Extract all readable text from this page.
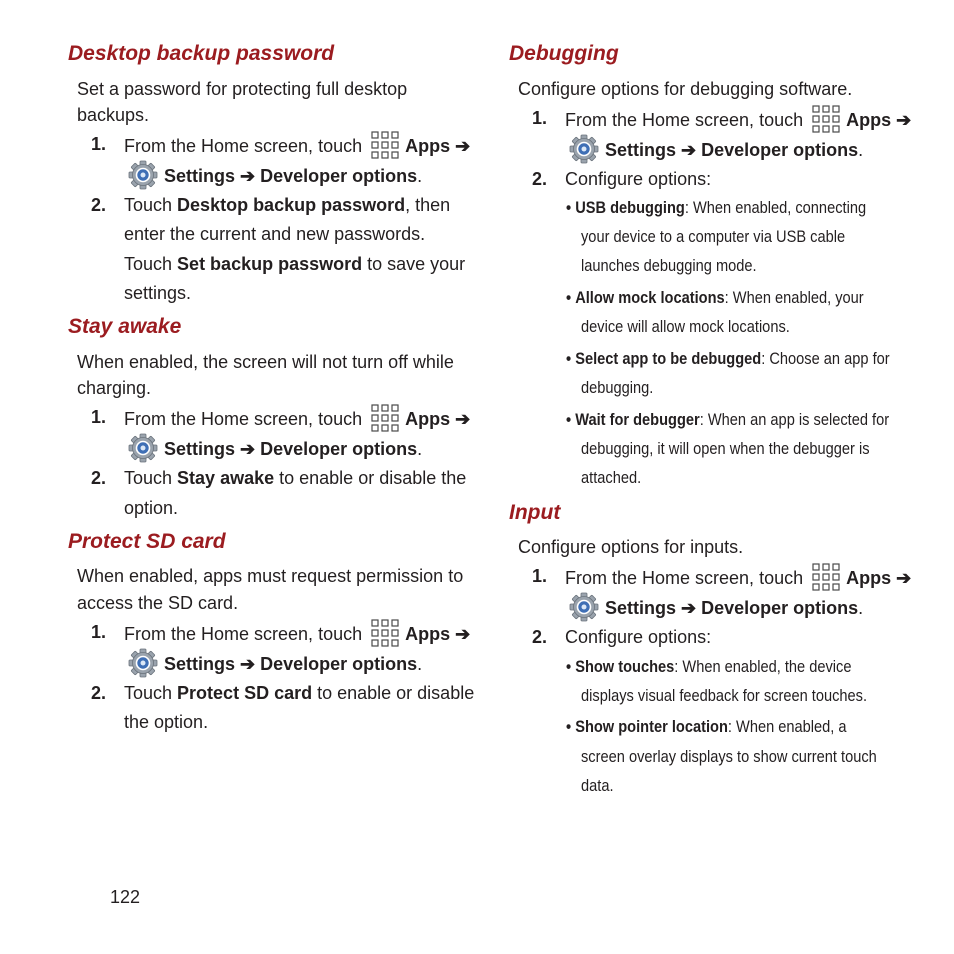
Desktop backup password
Set a password for protecting full desktop
backups.
1. From the Home screen, touch Apps ➔
Settings ➔ Developer options.
2. Touch Desktop backup password, then
enter the current and new passwords.
Touch Set backup password to save your
settings.
Stay awake
When enabled, the screen will not turn off while
charging.
1. From the Home screen, touch Apps ➔
Settings ➔ Developer options.
2. Touch Stay awake to enable or disable the
option.
Protect SD card
When enabled, apps must request permission to
access the SD card.
1. From the Home screen, touch Apps ➔
Settings ➔ Developer options.
2. Touch Protect SD card to enable or disable
the option.
Debugging
Configure options for debugging software.
1. From the Home screen, touch Apps ➔
Settings ➔ Developer options.
2. Configure options:
• USB debugging: When enabled, connecting
your device to a computer via USB cable
launches debugging mode.
• Allow mock locations: When enabled, your
device will allow mock locations.
• Select app to be debugged: Choose an app for
debugging.
• Wait for debugger: When an app is selected for
debugging, it will open when the debugger is
attached.
Input
Configure options for inputs.
1. From the Home screen, touch Apps ➔
Settings ➔ Developer options.
2. Configure options:
• Show touches: When enabled, the device
displays visual feedback for screen touches.
• Show pointer location: When enabled, a
screen overlay displays to show current touch
data.
122
